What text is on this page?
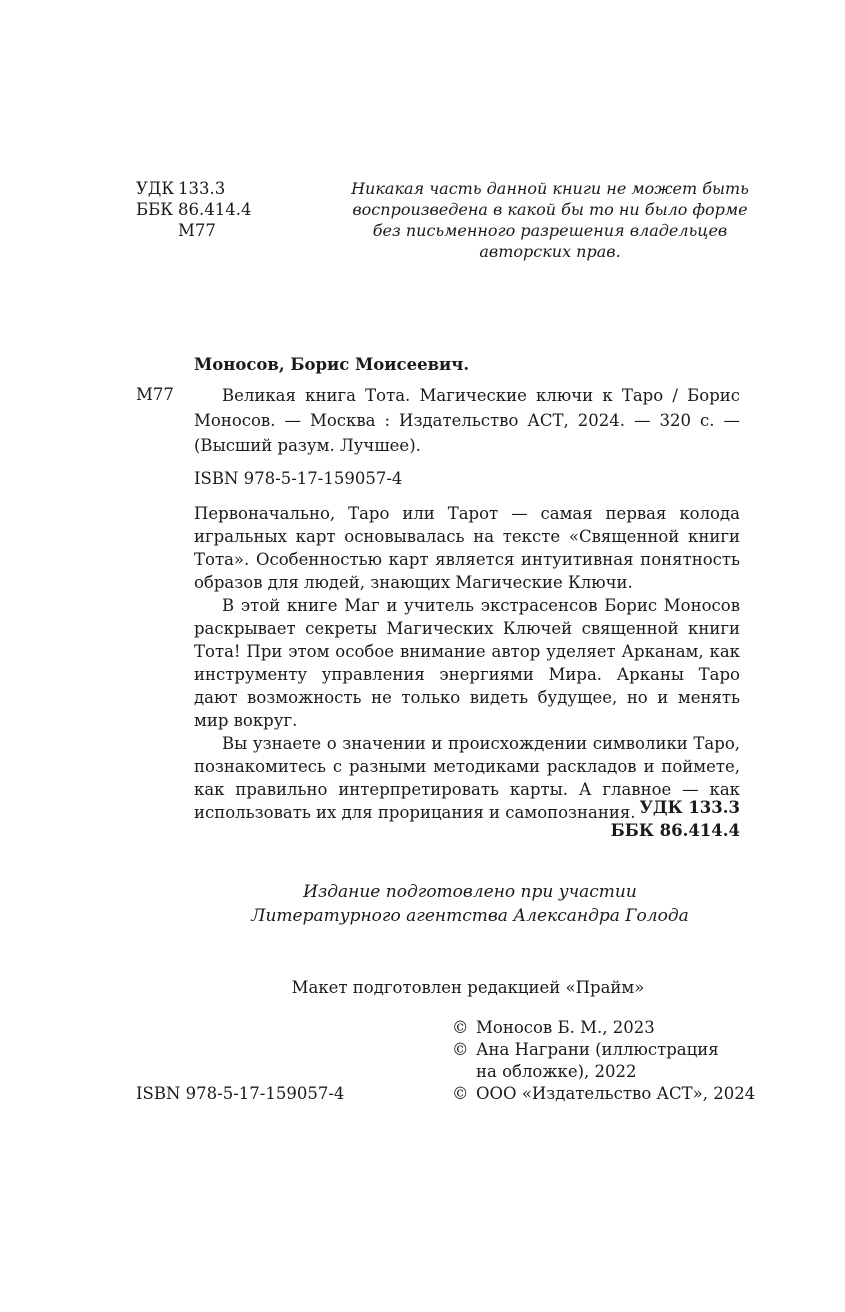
УДК 133.3
ББК 86.414.4
М77
Никакая часть данной книги не может быть воспроизведена в какой бы то ни было форме без письменного разрешения владельцев авторских прав.
Моносов, Борис Моисеевич.
М77	Великая книга Тота. Магические ключи к Таро / Борис Моносов. — Москва : Издательство АСТ, 2024. — 320 с. — (Высший разум. Лучшее).

ISBN 978-5-17-159057-4

Первоначально, Таро или Тарот — самая первая колода игральных карт основывалась на тексте «Священной книги Тота». Особенностью карт является интуитивная понятность образов для людей, знающих Магические Ключи.

В этой книге Маг и учитель экстрасенсов Борис Моносов раскрывает секреты Магических Ключей священной книги Тота! При этом особое внимание автор уделяет Арканам, как инструменту управления энергиями Мира. Арканы Таро дают возможность не только видеть будущее, но и менять мир вокруг.

Вы узнаете о значении и происхождении символики Таро, познакомитесь с разными методиками раскладов и поймете, как правильно интерпретировать карты. А главное — как использовать их для прорицания и самопознания. УДК 133.3
ББК 86.414.4
Издание подготовлено при участии
Литературного агентства Александра Голода
Макет подготовлен редакцией «Прайм»
© Моносов Б. М., 2023
© Ана Награни (иллюстрация
на обложке), 2022
© ООО «Издательство АСТ», 2024
ISBN 978-5-17-159057-4
